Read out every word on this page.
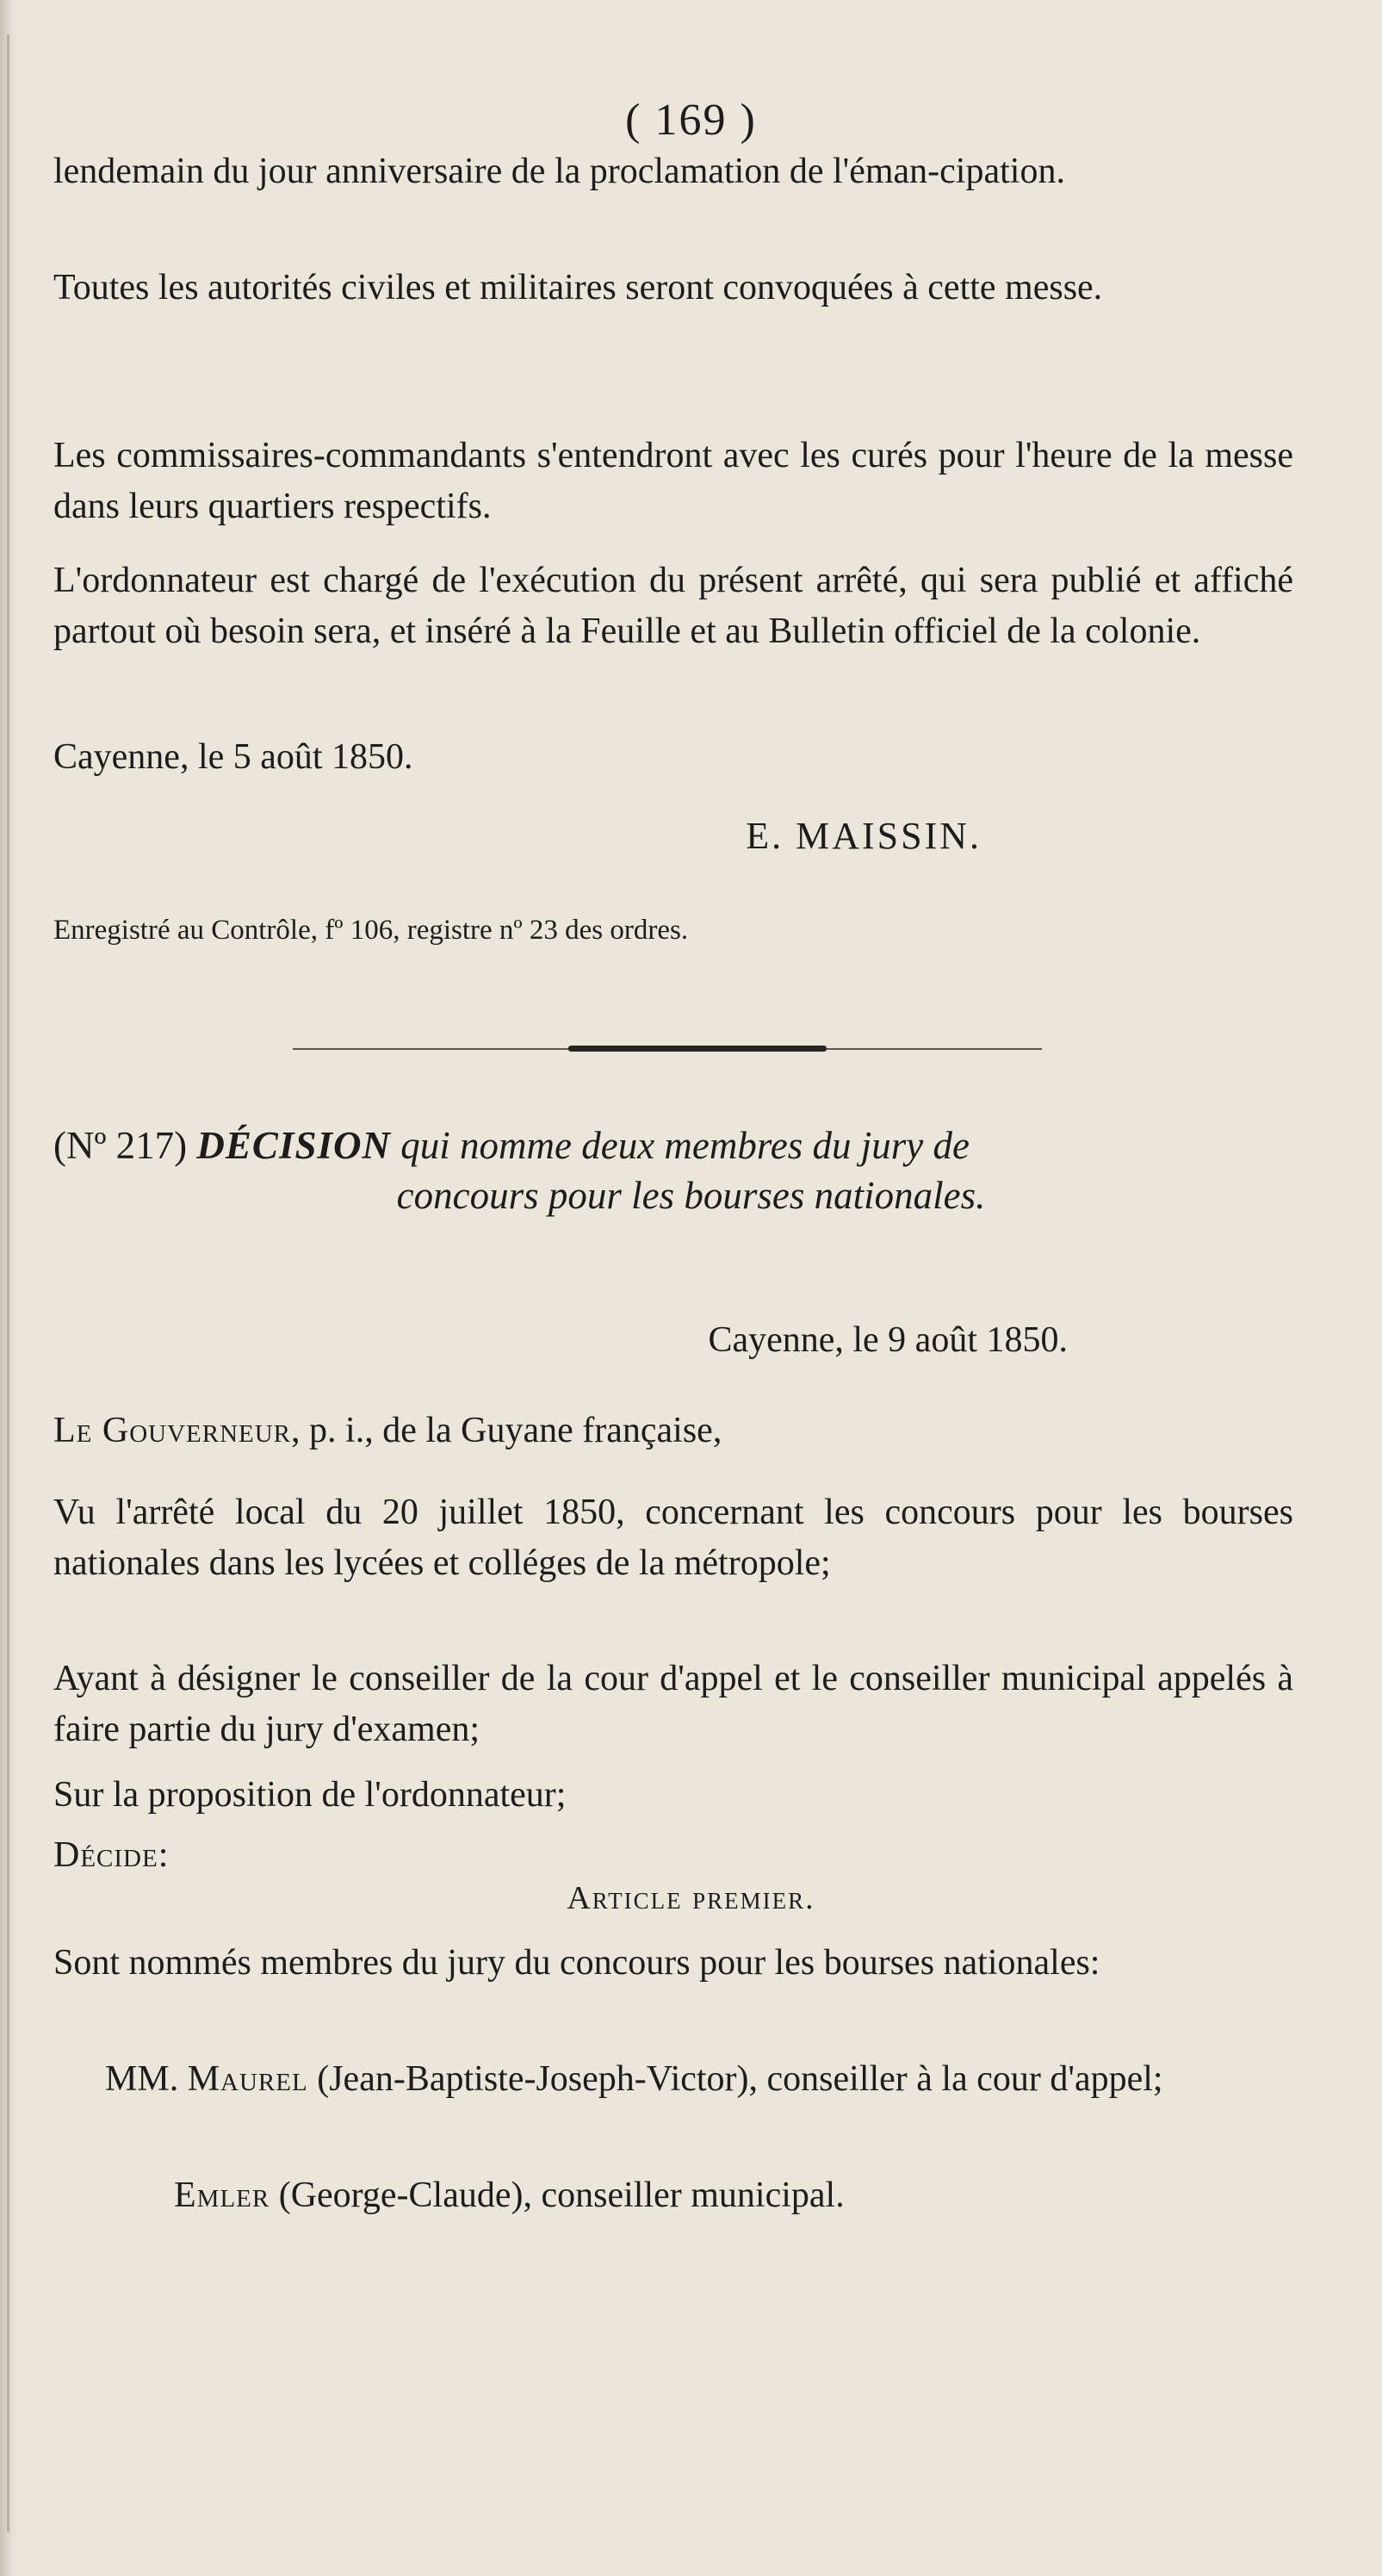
( 169 )

lendemain du jour anniversaire de la proclamation de l'éman-cipation.

Toutes les autorités civiles et militaires seront convoquées à cette messe.

Les commissaires-commandants s'entendront avec les curés pour l'heure de la messe dans leurs quartiers respectifs.

L'ordonnateur est chargé de l'exécution du présent arrêté, qui sera publié et affiché partout où besoin sera, et inséré à la Feuille et au Bulletin officiel de la colonie.

Cayenne, le 5 août 1850.

E. MAISSIN.
Enregistré au Contrôle, fº 106, registre nº 23 des ordres.
(Nº 217) DÉCISION qui nomme deux membres du jury de
concours pour les bourses nationales.
Cayenne, le 9 août 1850.

Le Gouverneur, p. i., de la Guyane française,

Vu l'arrêté local du 20 juillet 1850, concernant les concours pour les bourses nationales dans les lycées et colléges de la métropole;

Ayant à désigner le conseiller de la cour d'appel et le conseiller municipal appelés à faire partie du jury d'examen;

Sur la proposition de l'ordonnateur;

Décide:

Article premier.

Sont nommés membres du jury du concours pour les bourses nationales:

MM. Maurel (Jean-Baptiste-Joseph-Victor), conseiller à la cour d'appel;

Emler (George-Claude), conseiller municipal.
